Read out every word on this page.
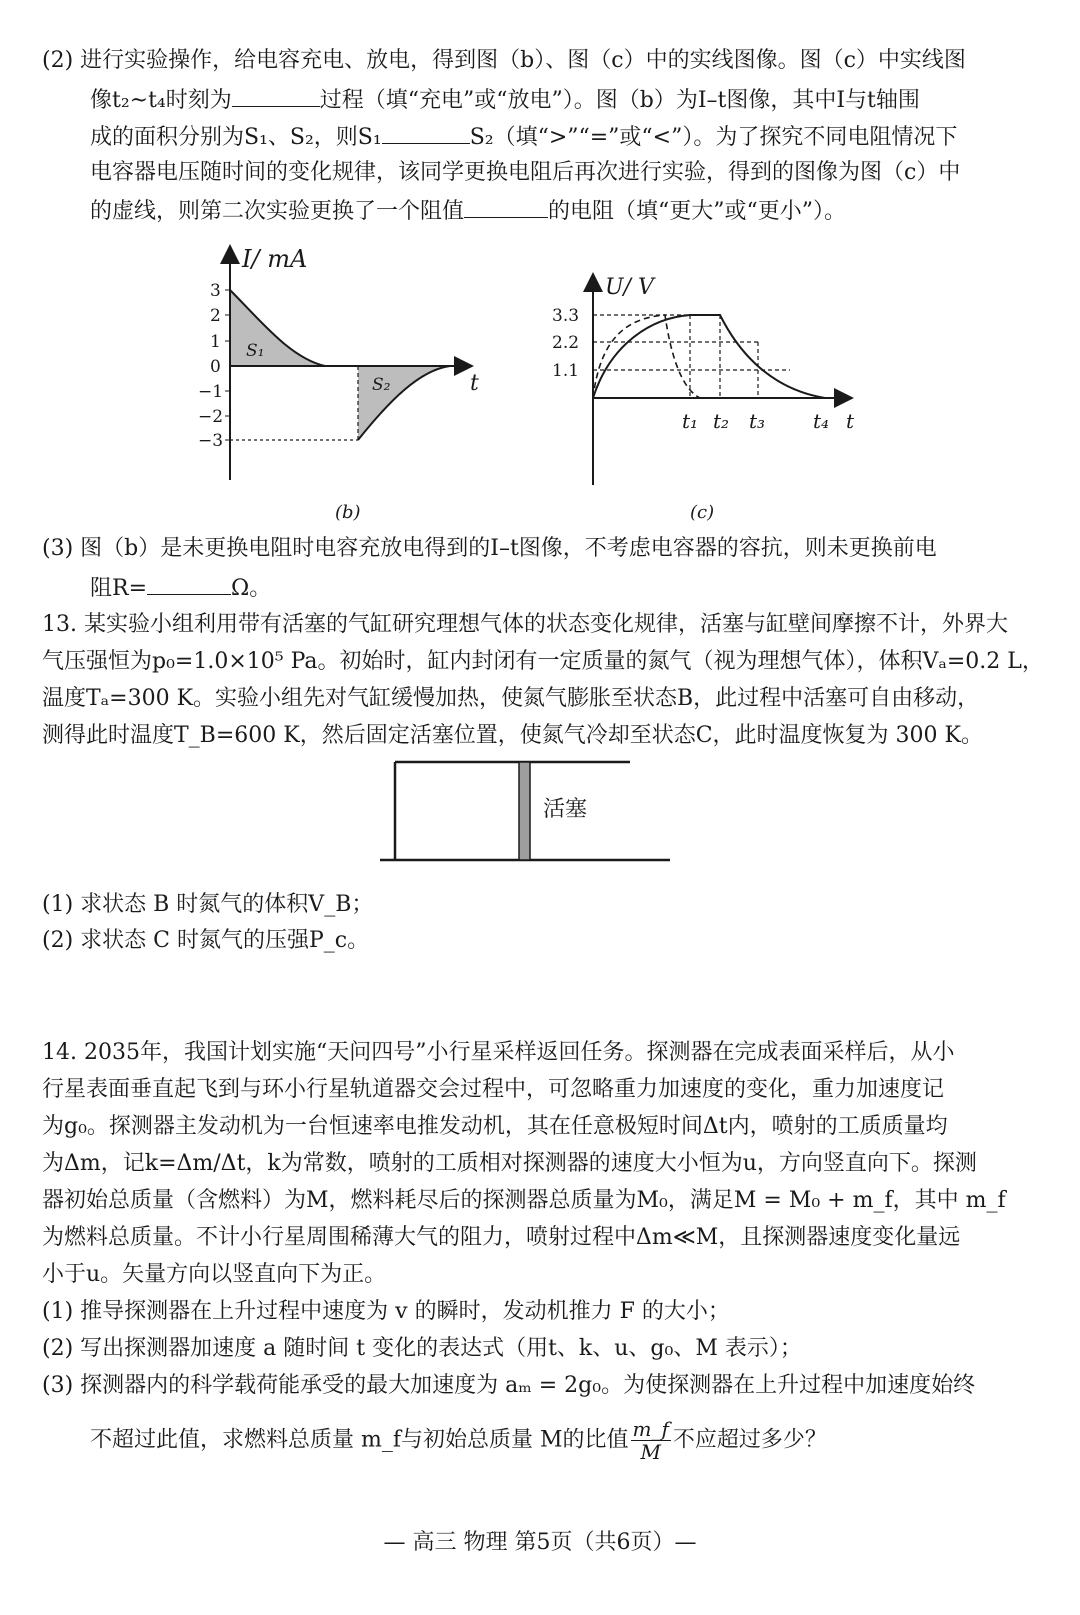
(2) 进行实验操作，给电容充电、放电，得到图（b）、图（c）中的实线图像。图（c）中实线图
像t₂~t₄时刻为	过程（填“充电”或“放电”）。图（b）为I–t图像，其中I与t轴围
成的面积分别为S₁、S₂，则S₁	S₂（填“>”“=”或“<”）。为了探究不同电阻情况下
电容器电压随时间的变化规律，该同学更换电阻后再次进行实验，得到的图像为图（c）中
的虚线，则第二次实验更换了一个阻值	的电阻（填“更大”或“更小”）。
3
2
1
0
−1
−2
−3
I/ mA
t
S₁
S₂
(b)
3.3
2.2
1.1
U/ V
t₁ t₂ t₃ t₄ t
(c)
(3) 图（b）是未更换电阻时电容充放电得到的I–t图像，不考虑电容器的容抗，则未更换前电
阻R=	Ω。
13. 某实验小组利用带有活塞的气缸研究理想气体的状态变化规律，活塞与缸壁间摩擦不计，外界大
气压强恒为p₀=1.0×10⁵ Pa。初始时，缸内封闭有一定质量的氮气（视为理想气体），体积Vₐ=0.2 L，
温度Tₐ=300 K。实验小组先对气缸缓慢加热，使氮气膨胀至状态B，此过程中活塞可自由移动，
测得此时温度T_B=600 K，然后固定活塞位置，使氮气冷却至状态C，此时温度恢复为 300 K。
活塞
(1) 求状态 B 时氮气的体积V_B；
(2) 求状态 C 时氮气的压强P_c。
14. 2035年，我国计划实施“天问四号”小行星采样返回任务。探测器在完成表面采样后，从小
行星表面垂直起飞到与环小行星轨道器交会过程中，可忽略重力加速度的变化，重力加速度记
为g₀。探测器主发动机为一台恒速率电推发动机，其在任意极短时间Δt内，喷射的工质质量均
为Δm，记k=Δm/Δt，k为常数，喷射的工质相对探测器的速度大小恒为u，方向竖直向下。探测
器初始总质量（含燃料）为M，燃料耗尽后的探测器总质量为M₀，满足M = M₀ + m_f，其中 m_f
为燃料总质量。不计小行星周围稀薄大气的阻力，喷射过程中Δm≪M，且探测器速度变化量远
小于u。矢量方向以竖直向下为正。
(1) 推导探测器在上升过程中速度为 v 的瞬时，发动机推力 F 的大小；
(2) 写出探测器加速度 a 随时间 t 变化的表达式（用t、k、u、g₀、M 表示）；
(3) 探测器内的科学载荷能承受的最大加速度为 aₘ = 2g₀。为使探测器在上升过程中加速度始终
不超过此值，求燃料总质量 m_f与初始总质量 M的比值 $\frac{m\_f}{M}$ 不应超过多少？
— 高三 物理 第5页（共6页）—
